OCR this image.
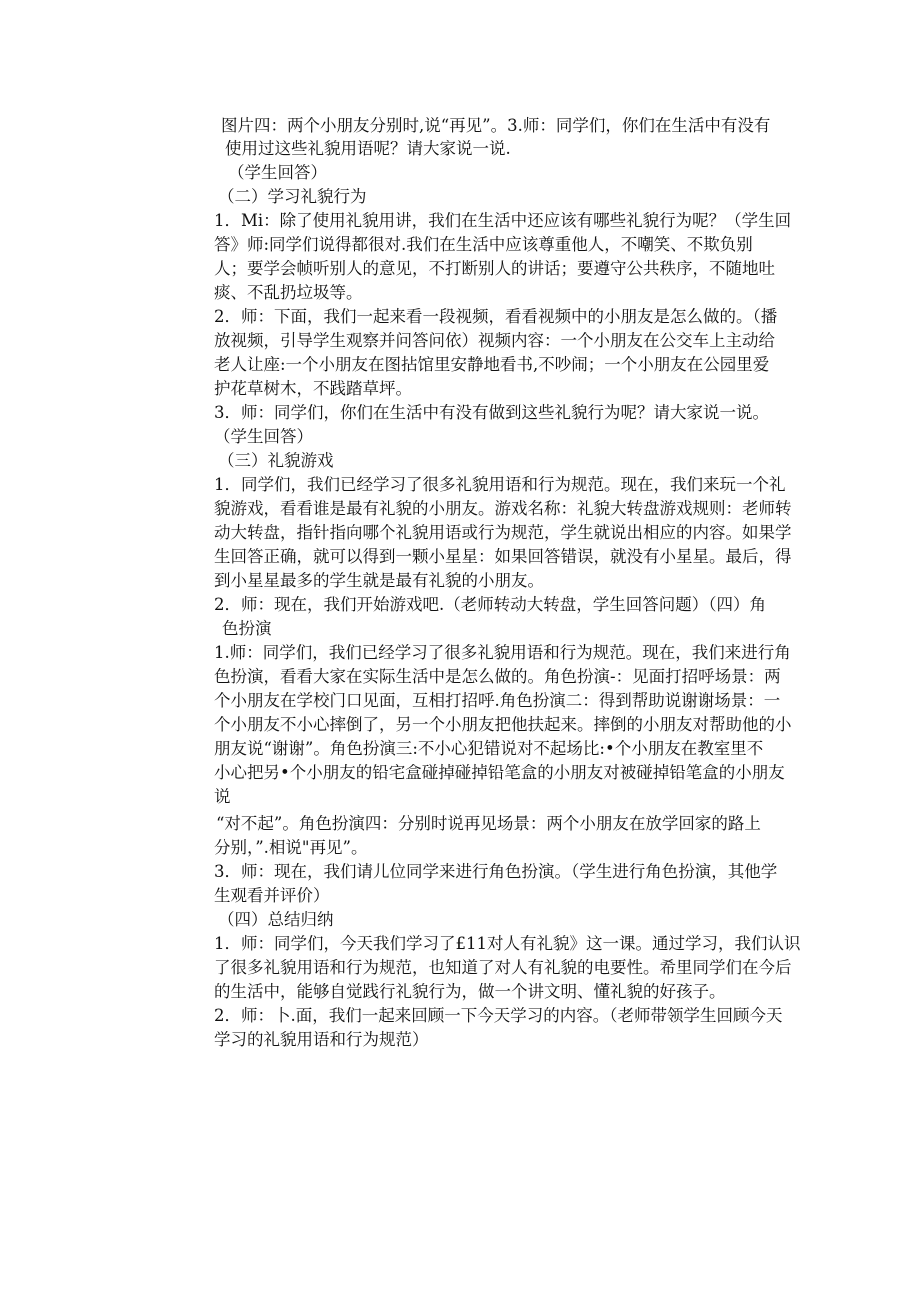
图片四：两个小朋友分别时,说“再见”。3.师：同学们，你们在生活中有没有
使用过这些礼貌用语呢？请大家说一说.
（学生回答）
（二）学习礼貌行为
1．Mi：除了使用礼貌用讲，我们在生活中还应该有哪些礼貌行为呢？（学生回
答》师:同学们说得都很对.我们在生活中应该尊重他人，不嘲笑、不欺负别
人；要学会帧听别人的意见，不打断别人的讲话；要遵守公共秩序，不随地吐
痰、不乱扔垃圾等。
2．师：下面，我们一起来看一段视频，看看视频中的小朋友是怎么做的。（播
放视频，引导学生观察并问答问依）视频内容：一个小朋友在公交车上主动给
老人让座:一个小朋友在图拈馆里安静地看书,不吵闹；一个小朋友在公园里爱
护花草树木，不践踏草坪。
3．师：同学们，你们在生活中有没有做到这些礼貌行为呢？请大家说一说。
（学生回答）
（三）礼貌游戏
1．同学们，我们已经学习了很多礼貌用语和行为规范。现在，我们来玩一个礼
貌游戏，看看谁是最有礼貌的小朋友。游戏名称：礼貌大转盘游戏规则：老师转
动大转盘，指针指向哪个礼貌用语或行为规范，学生就说出相应的内容。如果学
生回答正确，就可以得到一颗小星星：如果回答错误，就没有小星星。最后，得
到小星星最多的学生就是最有礼貌的小朋友。
2．师：现在，我们开始游戏吧.（老师转动大转盘，学生回答问题）（四）角
色扮演
1.师：同学们，我们已经学习了很多礼貌用语和行为规范。现在，我们来进行角
色扮演，看看大家在实际生活中是怎么做的。角色扮演-：见面打招呼场景：两
个小朋友在学校门口见面，互相打招呼.角色扮演二：得到帮助说谢谢场景：一
个小朋友不小心摔倒了，另一个小朋友把他扶起来。摔倒的小朋友对帮助他的小
朋友说“谢谢”。角色扮演三:不小心犯错说对不起场比:•个小朋友在教室里不
小心把另•个小朋友的铅宅盒碰掉碰掉铅笔盒的小朋友对被碰掉铅笔盒的小朋友
说
“对不起”。角色扮演四：分别时说再见场景：两个小朋友在放学回家的路上
分别，”.相说"再见”。
3．师：现在，我们请儿位同学来进行角色扮演。（学生进行角色扮演，其他学
生观看并评价）
（四）总结归纳
1．师：同学们，今天我们学习了£11对人有礼貌》这一课。通过学习，我们认识
了很多礼貌用语和行为规范，也知道了对人有礼貌的电要性。希里同学们在今后
的生活中，能够自觉践行礼貌行为，做一个讲文明、懂礼貌的好孩子。
2．师：卜.面，我们一起来回顾一下今天学习的内容。（老师带领学生回顾今天
学习的礼貌用语和行为规范）
